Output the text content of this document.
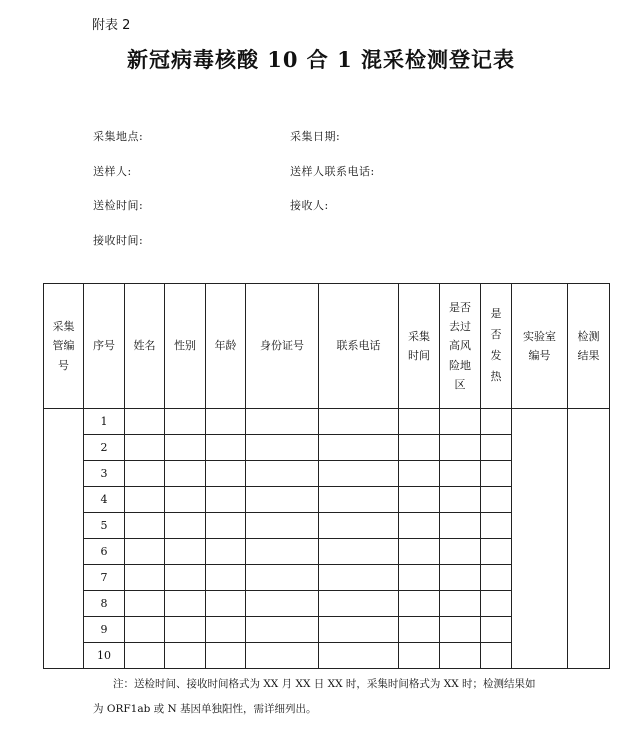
附表 2
新冠病毒核酸 10 合 1 混采检测登记表
采集地点:	采集日期:
送样人:	送样人联系电话:
送检时间:	接收人:
接收时间:
采集管编号	序号	姓名	性别	年龄	身份证号	联系电话	采集时间	是否去过高风险地区	是否发热	实验室编号	检测结果
	1										
	2										
	3										
	4										
	5										
	6										
	7										
	8										
	9										
	10										

注：送检时间、接收时间格式为 XX 月 XX 日 XX 时，采集时间格式为 XX 时；检测结果如

为 ORF1ab 或 N 基因单独阳性，需详细列出。
